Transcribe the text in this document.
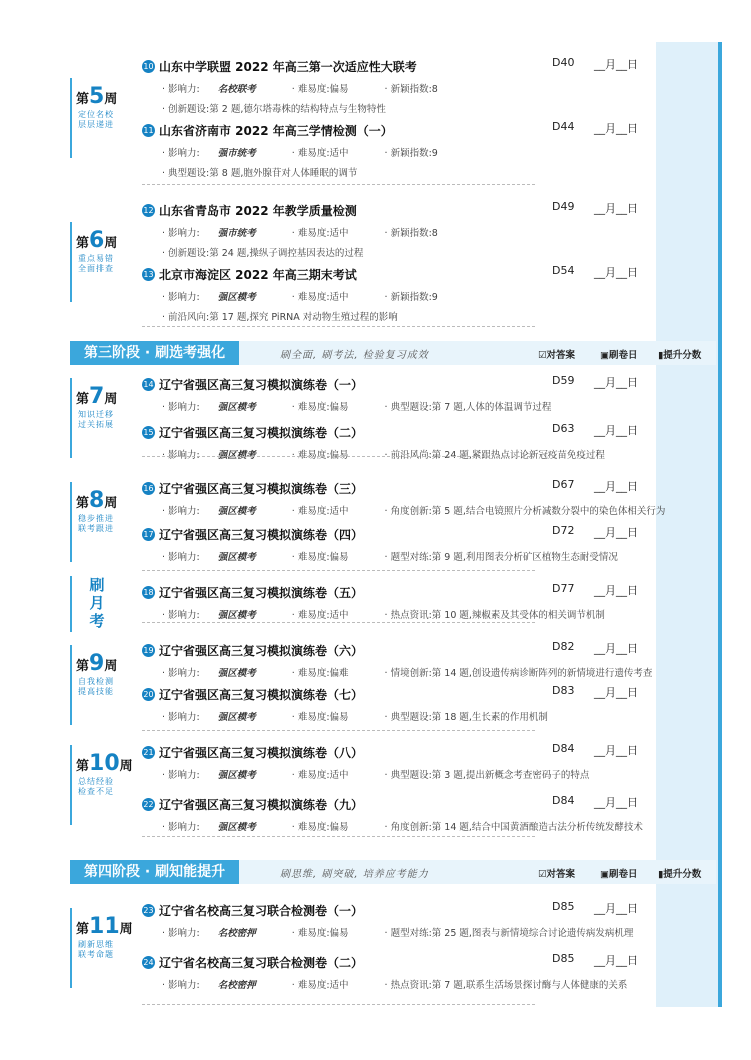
第5周
定位名校 层层递进
第6周
重点易错 全面排查
第7周
知识迁移 过关拓展
第8周
稳步推进 联考跟进
刷
月
考
第9周
自我检测 提高技能
第10周
总结经验 检查不足
第11周
刷新思维 联考命题
第三阶段 · 刷选考强化	刷全面, 刷考法, 检验复习成效	☑对答案	▣刷卷日 ▮提升分数
第四阶段 · 刷知能提升	刷思维, 刷突破, 培养应考能力	☑对答案	▣刷卷日 ▮提升分数
10 山东中学联盟 2022 年高三第一次适应性大联考	D40 __月__日
· 影响力: 名校联考	· 难易度:偏易	· 新颖指数:8
· 创新题设:第 2 题,德尔塔毒株的结构特点与生物特性
11 山东省济南市 2022 年高三学情检测（一）	D44 __月__日
· 影响力: 强市统考	· 难易度:适中	· 新颖指数:9
· 典型题设:第 8 题,胞外腺苷对人体睡眠的调节
12 山东省青岛市 2022 年教学质量检测	D49 __月__日
· 影响力: 强市统考	· 难易度:适中	· 新颖指数:8
· 创新题设:第 24 题,操纵子调控基因表达的过程
13 北京市海淀区 2022 年高三期末考试	D54 __月__日
· 影响力: 强区模考	· 难易度:适中	· 新颖指数:9
· 前沿风向:第 17 题,探究 PiRNA 对动物生殖过程的影响
14 辽宁省强区高三复习模拟演练卷（一）	D59 __月__日
· 影响力: 强区模考	· 难易度:偏易	· 典型题设:第 7 题,人体的体温调节过程
15 辽宁省强区高三复习模拟演练卷（二）	D63 __月__日
· 影响力: 强区模考	· 难易度:偏易	· 前沿风尚:第 24 题,紧跟热点讨论新冠疫苗免疫过程
16 辽宁省强区高三复习模拟演练卷（三）	D67 __月__日
· 影响力: 强区模考	· 难易度:适中	· 角度创新:第 5 题,结合电镜照片分析减数分裂中的染色体相关行为
17 辽宁省强区高三复习模拟演练卷（四）	D72 __月__日
· 影响力: 强区模考	· 难易度:偏易	· 题型对练:第 9 题,利用图表分析矿区植物生态耐受情况
18 辽宁省强区高三复习模拟演练卷（五）	D77 __月__日
· 影响力: 强区模考	· 难易度:适中	· 热点资讯:第 10 题,辣椒素及其受体的相关调节机制
19 辽宁省强区高三复习模拟演练卷（六）	D82 __月__日
· 影响力: 强区模考	· 难易度:偏难	· 情境创新:第 14 题,创设遗传病诊断阵列的新情境进行遗传考查
20 辽宁省强区高三复习模拟演练卷（七）	D83 __月__日
· 影响力: 强区模考	· 难易度:偏易	· 典型题设:第 18 题,生长素的作用机制
21 辽宁省强区高三复习模拟演练卷（八）	D84 __月__日
· 影响力: 强区模考	· 难易度:适中	· 典型题设:第 3 题,提出新概念考查密码子的特点
22 辽宁省强区高三复习模拟演练卷（九）	D84 __月__日
· 影响力: 强区模考	· 难易度:偏易	· 角度创新:第 14 题,结合中国黄酒酿造古法分析传统发酵技术
23 辽宁省名校高三复习联合检测卷（一）	D85 __月__日
· 影响力: 名校密押	· 难易度:偏易	· 题型对练:第 25 题,图表与新情境综合讨论遗传病发病机理
24 辽宁省名校高三复习联合检测卷（二）	D85 __月__日
· 影响力: 名校密押	· 难易度:适中	· 热点资讯:第 7 题,联系生活场景探讨酶与人体健康的关系
